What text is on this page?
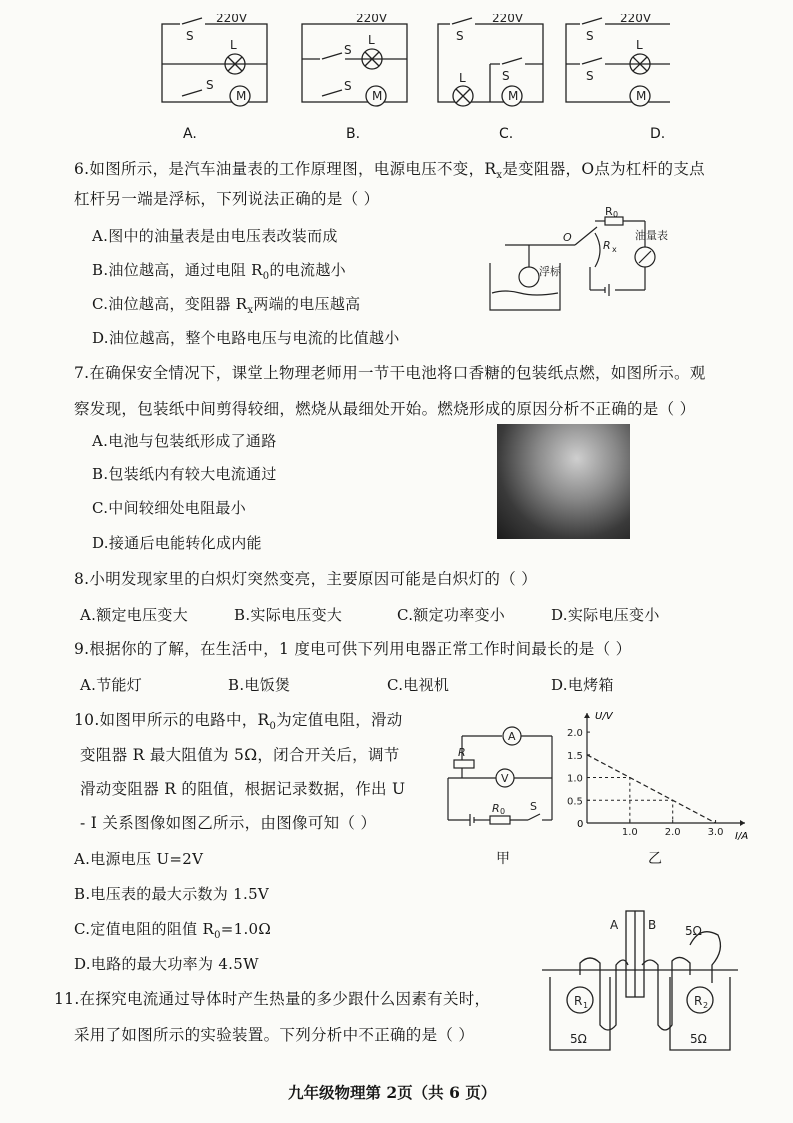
220V	220V	220V	220V
S
L
S
M
S
L
S
M
S
L	S
M
S
L
S
M
A.	B.	C.	D.
6.如图所示，是汽车油量表的工作原理图，电源电压不变，$R_x$是变阻器，O点为杠杆的支点
杠杆另一端是浮标，下列说法正确的是（ ）
A.图中的油量表是由电压表改装而成
B.油位越高，通过电阻 $R_0$的电流越小
C.油位越高，变阻器 $R_x$两端的电压越高
D.油位越高，整个电路电压与电流的比值越小
R 0
O
R x
浮标
油量表
7.在确保安全情况下，课堂上物理老师用一节干电池将口香糖的包装纸点燃，如图所示。观
察发现，包装纸中间剪得较细，燃烧从最细处开始。燃烧形成的原因分析不正确的是（ ）
A.电池与包装纸形成了通路
B.包装纸内有较大电流通过
C.中间较细处电阻最小
D.接通后电能转化成内能
8.小明发现家里的白炽灯突然变亮，主要原因可能是白炽灯的（ ）
A.额定电压变大	B.实际电压变大	C.额定功率变小	D.实际电压变小
9.根据你的了解，在生活中，1 度电可供下列用电器正常工作时间最长的是（ ）
A.节能灯	B.电饭煲	C.电视机	D.电烤箱
10.如图甲所示的电路中，$R_0$为定值电阻，滑动
变阻器 R 最大阻值为 5Ω，闭合开关后，调节
滑动变阻器 R 的阻值，根据记录数据，作出 U
- I 关系图像如图乙所示，由图像可知（ ）
A.电源电压 U=2V
B.电压表的最大示数为 1.5V
C.定值电阻的阻值 $R_0=1.0\Omega$
D.电路的最大功率为 4.5W
A
V
R
R 0 S
甲
1.0	2.0	3.0
0.5
1.0
1.5
2.0
U/V
I/A
0
乙
11.在探究电流通过导体时产生热量的多少跟什么因素有关时，
采用了如图所示的实验装置。下列分析中不正确的是（ ）
A B
R 1	R 2
5Ω	5Ω
5Ω
九年级物理第 2页（共 6 页）
